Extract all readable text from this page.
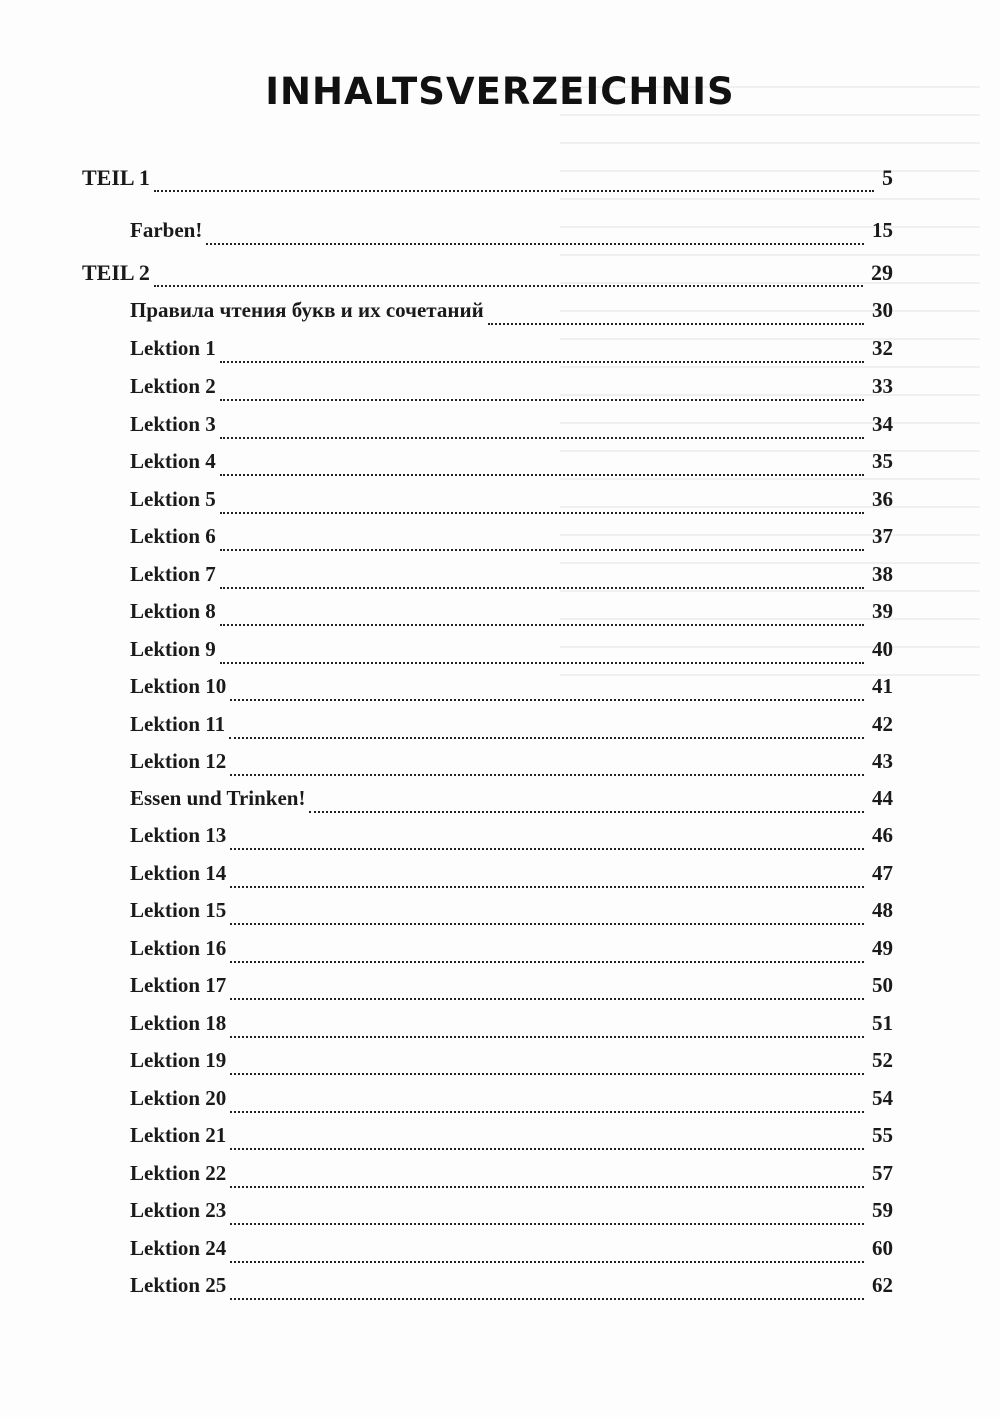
INHALTSVERZEICHNIS
TEIL 1	5
Farben!	15
TEIL 2	29
Правила чтения букв и их сочетаний	30
Lektion 1	32
Lektion 2	33
Lektion 3	34
Lektion 4	35
Lektion 5	36
Lektion 6	37
Lektion 7	38
Lektion 8	39
Lektion 9	40
Lektion 10	41
Lektion 11	42
Lektion 12	43
Essen und Trinken!	44
Lektion 13	46
Lektion 14	47
Lektion 15	48
Lektion 16	49
Lektion 17	50
Lektion 18	51
Lektion 19	52
Lektion 20	54
Lektion 21	55
Lektion 22	57
Lektion 23	59
Lektion 24	60
Lektion 25	62
